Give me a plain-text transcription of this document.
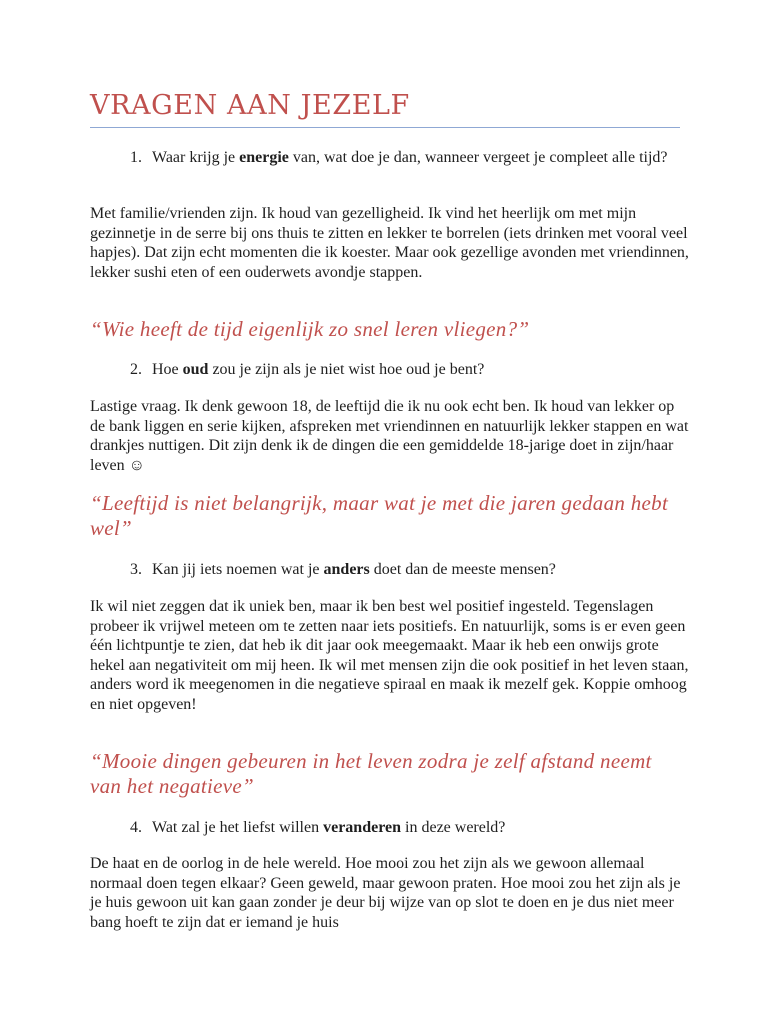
VRAGEN AAN JEZELF

1. Waar krijg je energie van, wat doe je dan, wanneer vergeet je compleet alle tijd?

Met familie/vrienden zijn. Ik houd van gezelligheid. Ik vind het heerlijk om met mijn gezinnetje in de serre bij ons thuis te zitten en lekker te borrelen (iets drinken met vooral veel hapjes). Dat zijn echt momenten die ik koester. Maar ook gezellige avonden met vriendinnen, lekker sushi eten of een ouderwets avondje stappen.

“Wie heeft de tijd eigenlijk zo snel leren vliegen?”

2. Hoe oud zou je zijn als je niet wist hoe oud je bent?

Lastige vraag. Ik denk gewoon 18, de leeftijd die ik nu ook echt ben. Ik houd van lekker op de bank liggen en serie kijken, afspreken met vriendinnen en natuurlijk lekker stappen en wat drankjes nuttigen. Dit zijn denk ik de dingen die een gemiddelde 18-jarige doet in zijn/haar leven ☺

“Leeftijd is niet belangrijk, maar wat je met die jaren gedaan hebt wel”

3. Kan jij iets noemen wat je anders doet dan de meeste mensen?

Ik wil niet zeggen dat ik uniek ben, maar ik ben best wel positief ingesteld. Tegenslagen probeer ik vrijwel meteen om te zetten naar iets positiefs. En natuurlijk, soms is er even geen één lichtpuntje te zien, dat heb ik dit jaar ook meegemaakt. Maar ik heb een onwijs grote hekel aan negativiteit om mij heen. Ik wil met mensen zijn die ook positief in het leven staan, anders word ik meegenomen in die negatieve spiraal en maak ik mezelf gek. Koppie omhoog en niet opgeven!

“Mooie dingen gebeuren in het leven zodra je zelf afstand neemt van het negatieve”

4. Wat zal je het liefst willen veranderen in deze wereld?

De haat en de oorlog in de hele wereld. Hoe mooi zou het zijn als we gewoon allemaal normaal doen tegen elkaar? Geen geweld, maar gewoon praten. Hoe mooi zou het zijn als je je huis gewoon uit kan gaan zonder je deur bij wijze van op slot te doen en je dus niet meer bang hoeft te zijn dat er iemand je huis
